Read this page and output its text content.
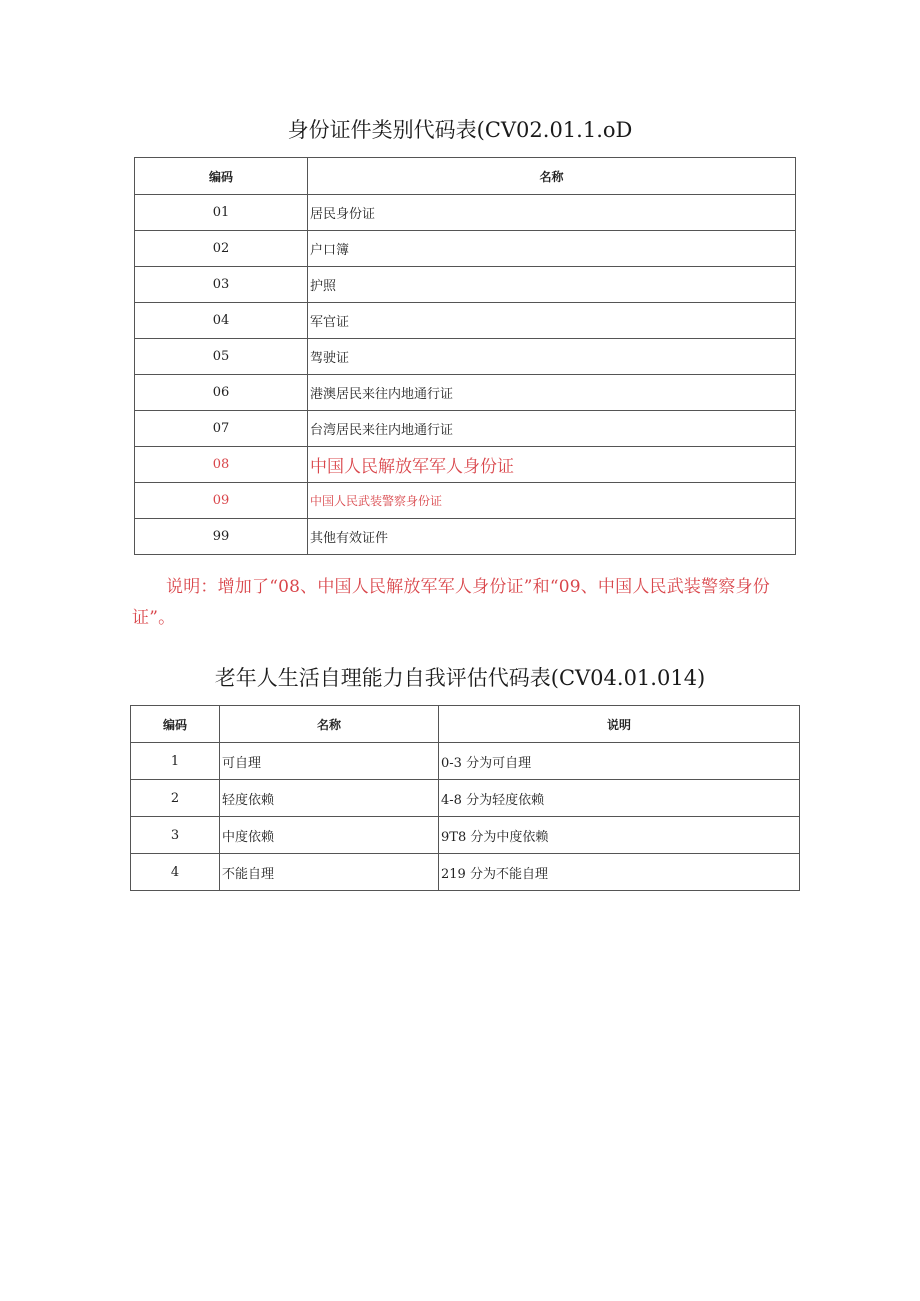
身份证件类别代码表(CV02.01.1.oD
编码	名称
01	居民身份证
02	户口簿
03	护照
04	军官证
05	驾驶证
06	港澳居民来往内地通行证
07	台湾居民来往内地通行证
08	中国人民解放军军人身份证
09	中国人民武装警察身份证
99	其他有效证件
说明：增加了“08、中国人民解放军军人身份证”和“09、中国人民武装警察身份证”。
老年人生活自理能力自我评估代码表(CV04.01.014)
编码	名称	说明
1	可自理	0-3 分为可自理
2	轻度依赖	4-8 分为轻度依赖
3	中度依赖	9T8 分为中度依赖
4	不能自理	219 分为不能自理
